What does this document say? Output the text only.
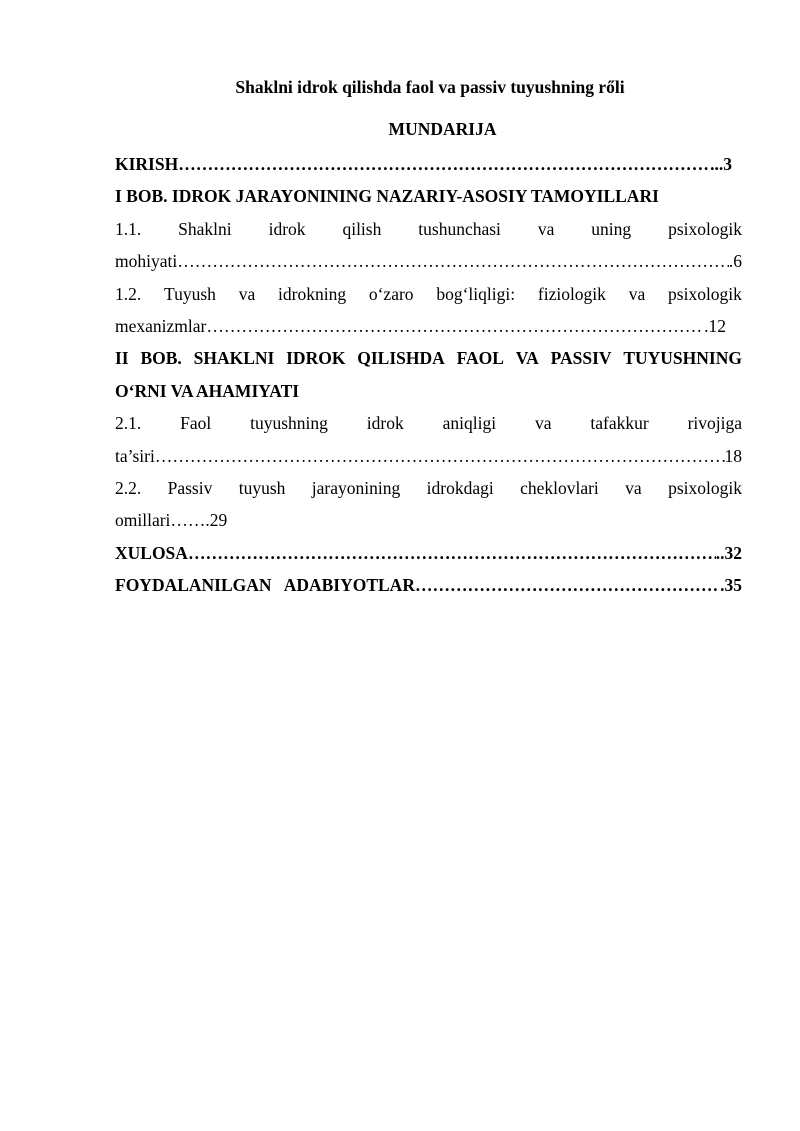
Shaklni idrok qilishda faol va passiv tuyushning rőli
MUNDARIJA
KIRISH ……………………………………………………………………………………………………………………………………………………………………	...3
I BOB. IDROK JARAYONINING NAZARIY-ASOSIY TAMOYILLARI
1.1. Shaklni idrok qilish tushunchasi va uning psixologik
mohiyati ……………………………………………………………………………………………………………………………………………………………………	.6
1.2. Tuyush va idrokning o‘zaro bog‘liqligi: fiziologik va psixologik
mexanizmlar ……………………………………………………………………………………………………………………………………………………………………	.12
II BOB. SHAKLNI IDROK QILISHDA FAOL VA PASSIV TUYUSHNING
O‘RNI VA AHAMIYATI
2.1. Faol tuyushning idrok aniqligi va tafakkur rivojiga
ta’siri ……………………………………………………………………………………………………………………………………………………………………	18
2.2. Passiv tuyush jarayonining idrokdagi cheklovlari va psixologik
omillari…….29
XULOSA ……………………………………………………………………………………………………………………………………………………………………	..32
FOYDALANILGAN   ADABIYOTLAR ……………………………………………………………………………………………………………………………………………………………………	.35
